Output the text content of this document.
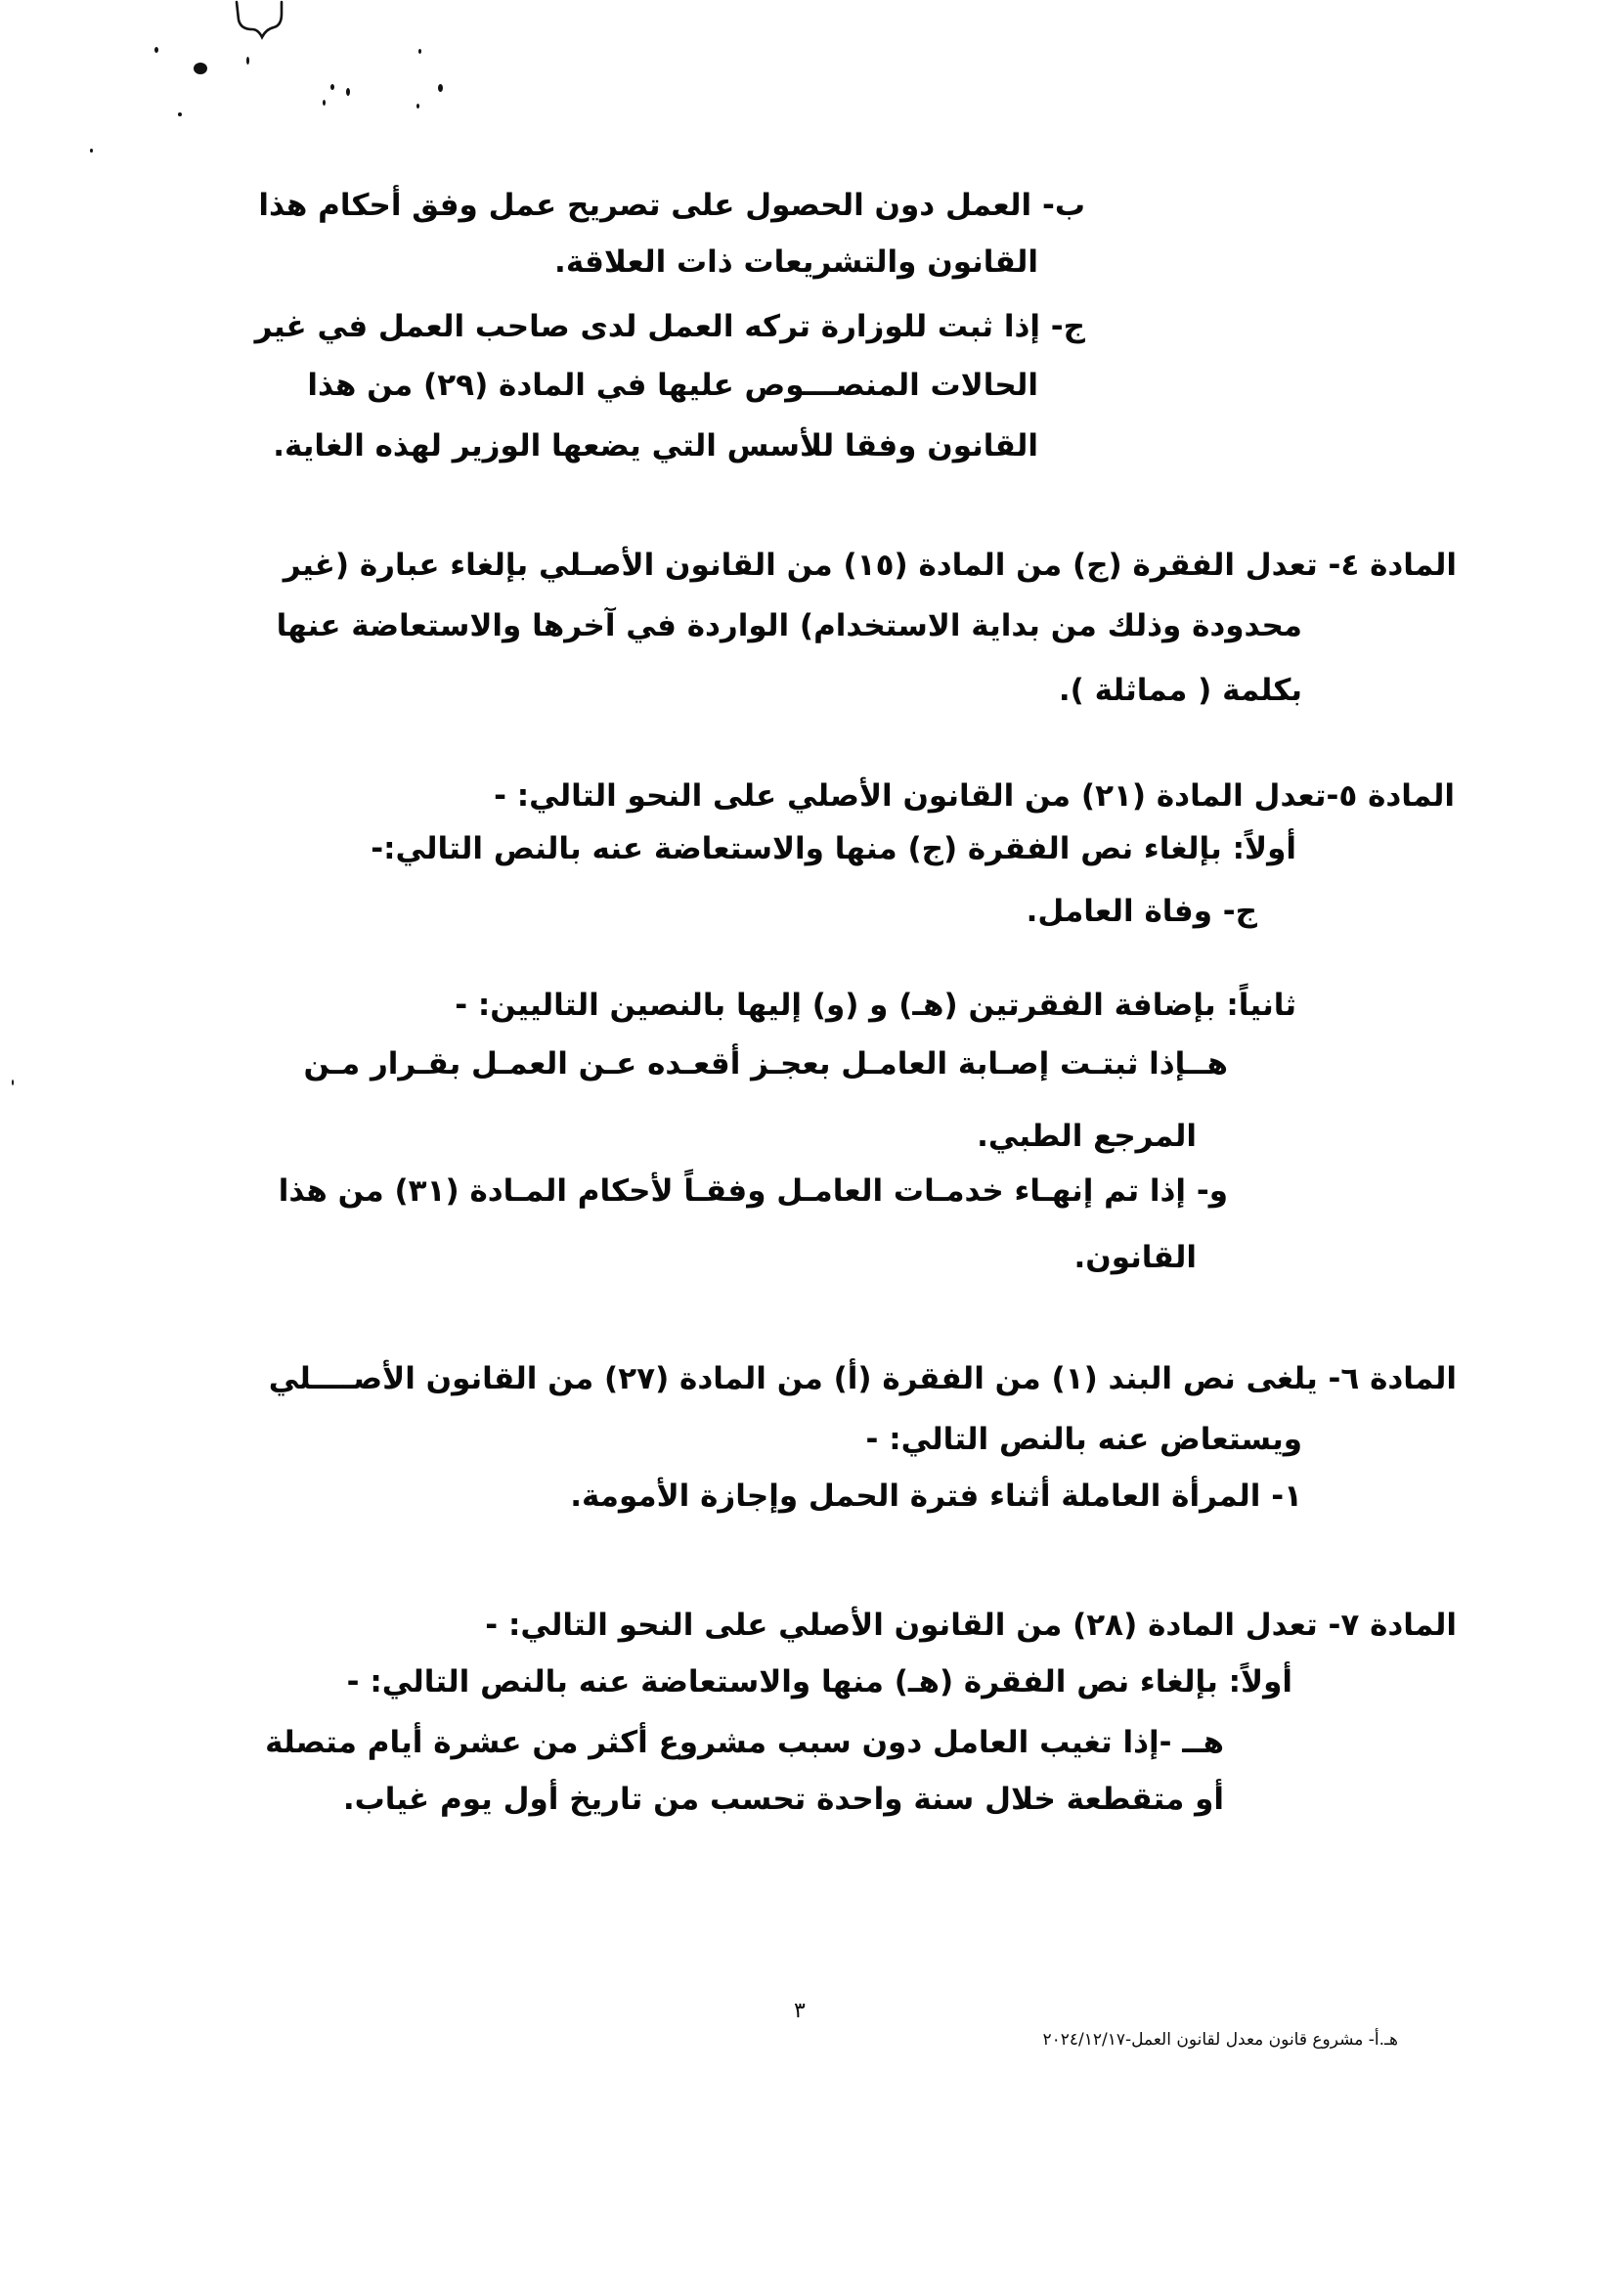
ب- العمل دون الحصول على تصريح عمل وفق أحكام هذا
القانون والتشريعات ذات العلاقة.
ج- إذا ثبت للوزارة تركه العمل لدى صاحب العمل في غير
الحالات المنصـــوص عليها في المادة (٢٩) من هذا
القانون وفقا للأسس التي يضعها الوزير لهذه الغاية.
المادة ٤- تعدل الفقرة (ج) من المادة (١٥) من القانون الأصـلي بإلغاء عبارة (غير
محدودة وذلك من بداية الاستخدام) الواردة في آخرها والاستعاضة عنها
بكلمة ( مماثلة ).
المادة ٥-تعدل المادة (٢١) من القانون الأصلي على النحو التالي: -
أولاً: بإلغاء نص الفقرة (ج) منها والاستعاضة عنه بالنص التالي:-
ج- وفاة العامل.
ثانياً: بإضافة الفقرتين (هـ) و (و) إليها بالنصين التاليين: -
هــإذا ثبتـت إصـابة العامـل بعجـز أقعـده عـن العمـل بقـرار مـن
المرجع الطبي.
و- إذا تم إنهـاء خدمـات العامـل وفقـاً لأحكام المـادة (٣١) من هذا
القانون.
المادة ٦- يلغى نص البند (١) من الفقرة (أ) من المادة (٢٧) من القانون الأصــــلي
ويستعاض عنه بالنص التالي: -
١- المرأة العاملة أثناء فترة الحمل وإجازة الأمومة.
المادة ٧- تعدل المادة (٢٨) من القانون الأصلي على النحو التالي: -
أولاً: بإلغاء نص الفقرة (هـ) منها والاستعاضة عنه بالنص التالي: -
هــ -إذا تغيب العامل دون سبب مشروع أكثر من عشرة أيام متصلة
أو متقطعة خلال سنة واحدة تحسب من تاريخ أول يوم غياب.
٣
هـ.أ- مشروع قانون معدل لقانون العمل-٢٠٢٤/١٢/١٧
